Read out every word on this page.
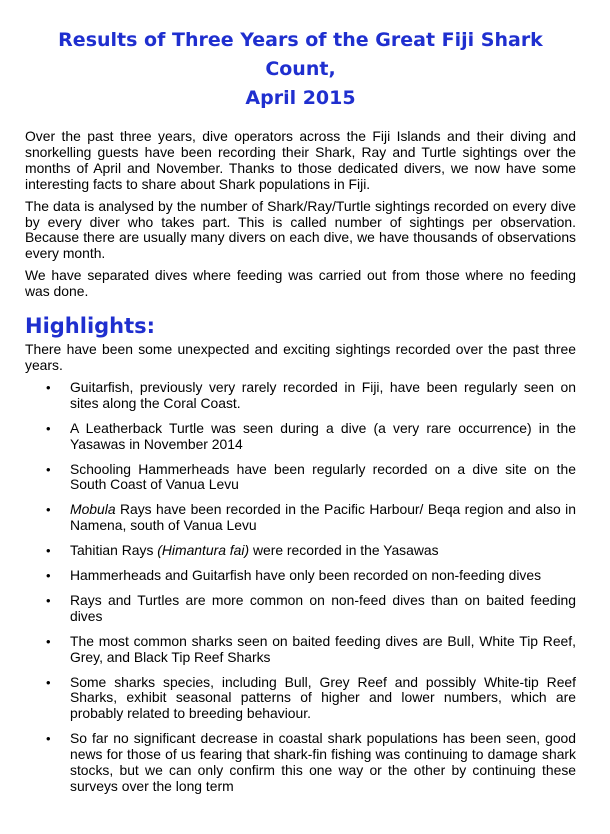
Results of Three Years of the Great Fiji Shark Count,
April 2015

Over the past three years, dive operators across the Fiji Islands and their diving and snorkelling guests have been recording their Shark, Ray and Turtle sightings over the months of April and November. Thanks to those dedicated divers, we now have some interesting facts to share about Shark populations in Fiji.

The data is analysed by the number of Shark/Ray/Turtle sightings recorded on every dive by every diver who takes part. This is called number of sightings per observation. Because there are usually many divers on each dive, we have thousands of observations every month.

We have separated dives where feeding was carried out from those where no feeding was done.

Highlights:

There have been some unexpected and exciting sightings recorded over the past three years.

• Guitarfish, previously very rarely recorded in Fiji, have been regularly seen on sites along the Coral Coast.
• A Leatherback Turtle was seen during a dive (a very rare occurrence) in the Yasawas in November 2014
• Schooling Hammerheads have been regularly recorded on a dive site on the South Coast of Vanua Levu
• Mobula Rays have been recorded in the Pacific Harbour/ Beqa region and also in Namena, south of Vanua Levu
• Tahitian Rays (Himantura fai) were recorded in the Yasawas
• Hammerheads and Guitarfish have only been recorded on non-feeding dives
• Rays and Turtles are more common on non-feed dives than on baited feeding dives
• The most common sharks seen on baited feeding dives are Bull, White Tip Reef, Grey, and Black Tip Reef Sharks
• Some sharks species, including Bull, Grey Reef and possibly White-tip Reef Sharks, exhibit seasonal patterns of higher and lower numbers, which are probably related to breeding behaviour.
• So far no significant decrease in coastal shark populations has been seen, good news for those of us fearing that shark-fin fishing was continuing to damage shark stocks, but we can only confirm this one way or the other by continuing these surveys over the long term
